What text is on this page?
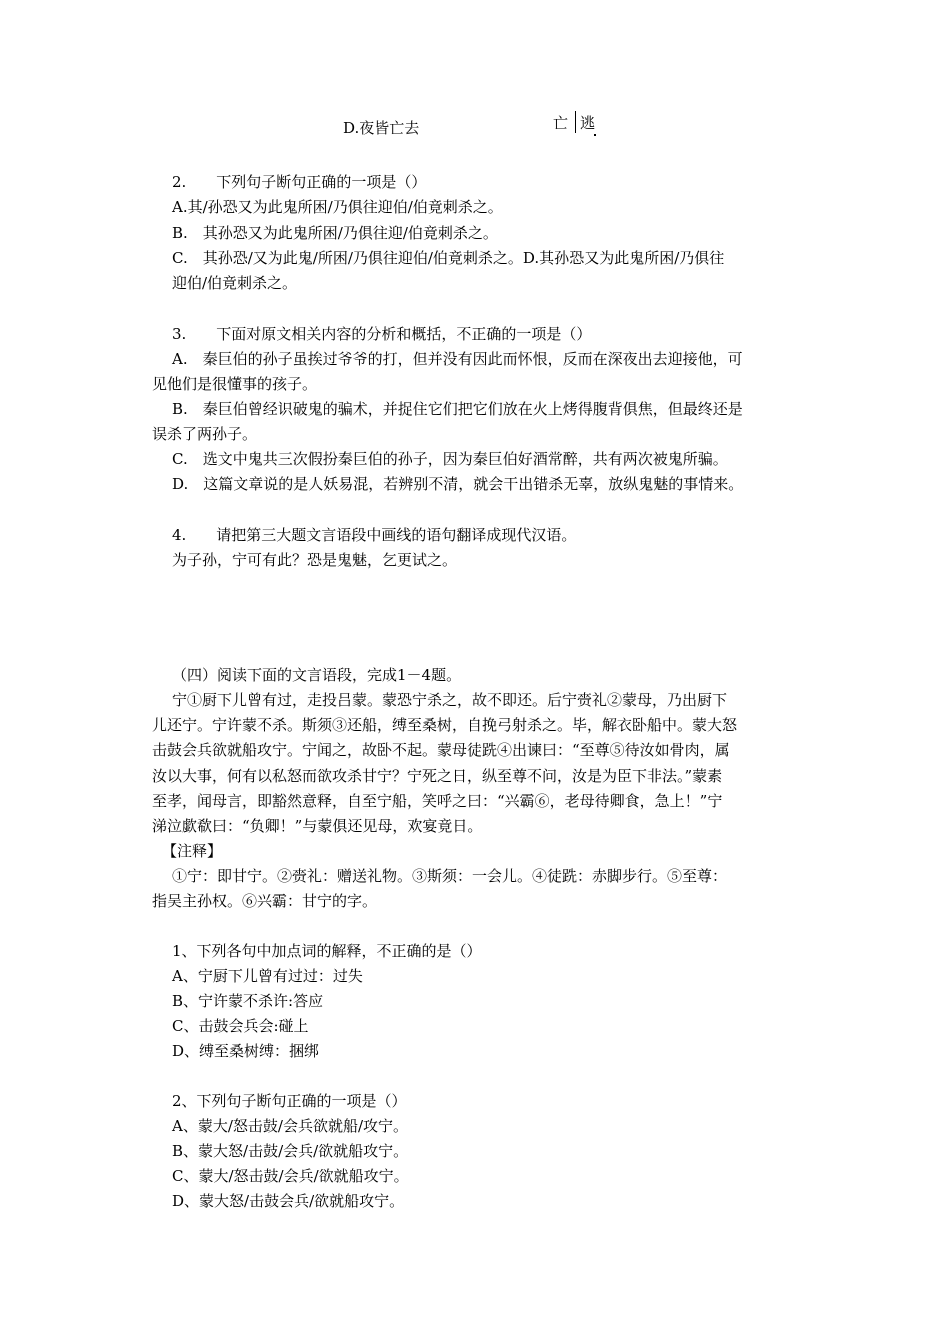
D.夜皆亡去	亡 逃
2.　　下列句子断句正确的一项是（）
A.其/孙恐又为此鬼所困/乃俱往迎伯/伯竟刺杀之。
B.　其孙恐又为此鬼所困/乃俱往迎/伯竟刺杀之。
C.　其孙恐/又为此鬼/所困/乃俱往迎伯/伯竟刺杀之。D.其孙恐又为此鬼所困/乃俱往
迎伯/伯竟刺杀之。
3.　　下面对原文相关内容的分析和概括，不正确的一项是（）
A.　秦巨伯的孙子虽挨过爷爷的打，但并没有因此而怀恨，反而在深夜出去迎接他，可
见他们是很懂事的孩子。
B.　秦巨伯曾经识破鬼的骗术，并捉住它们把它们放在火上烤得腹背俱焦，但最终还是
误杀了两孙子。
C.　选文中鬼共三次假扮秦巨伯的孙子，因为秦巨伯好酒常醉，共有两次被鬼所骗。
D.　这篇文章说的是人妖易混，若辨别不清，就会干出错杀无辜，放纵鬼魅的事情来。
4.　　请把第三大题文言语段中画线的语句翻译成现代汉语。
为子孙，宁可有此？恐是鬼魅，乞更试之。
（四）阅读下面的文言语段，完成1－4题。
宁①厨下儿曾有过，走投吕蒙。蒙恐宁杀之，故不即还。后宁赍礼②蒙母，乃出厨下
儿还宁。宁许蒙不杀。斯须③还船，缚至桑树，自挽弓射杀之。毕，解衣卧船中。蒙大怒
击鼓会兵欲就船攻宁。宁闻之，故卧不起。蒙母徒跣④出谏曰：“至尊⑤待汝如骨肉，属
汝以大事，何有以私怒而欲攻杀甘宁？宁死之日，纵至尊不问，汝是为臣下非法。”蒙素
至孝，闻母言，即豁然意释，自至宁船，笑呼之曰：“兴霸⑥，老母待卿食，急上！”宁
涕泣歔欷曰：“负卿！”与蒙俱还见母，欢宴竟日。
【注释】
①宁：即甘宁。②赍礼：赠送礼物。③斯须：一会儿。④徒跣：赤脚步行。⑤至尊：
指吴主孙权。⑥兴霸：甘宁的字。
1、下列各句中加点词的解释，不正确的是（）
A、宁厨下儿曾有过过：过失
B、宁许蒙不杀许:答应
C、击鼓会兵会:碰上
D、缚至桑树缚：捆绑
2、下列句子断句正确的一项是（）
A、蒙大/怒击鼓/会兵欲就船/攻宁。
B、蒙大怒/击鼓/会兵/欲就船攻宁。
C、蒙大/怒击鼓/会兵/欲就船攻宁。
D、蒙大怒/击鼓会兵/欲就船攻宁。
